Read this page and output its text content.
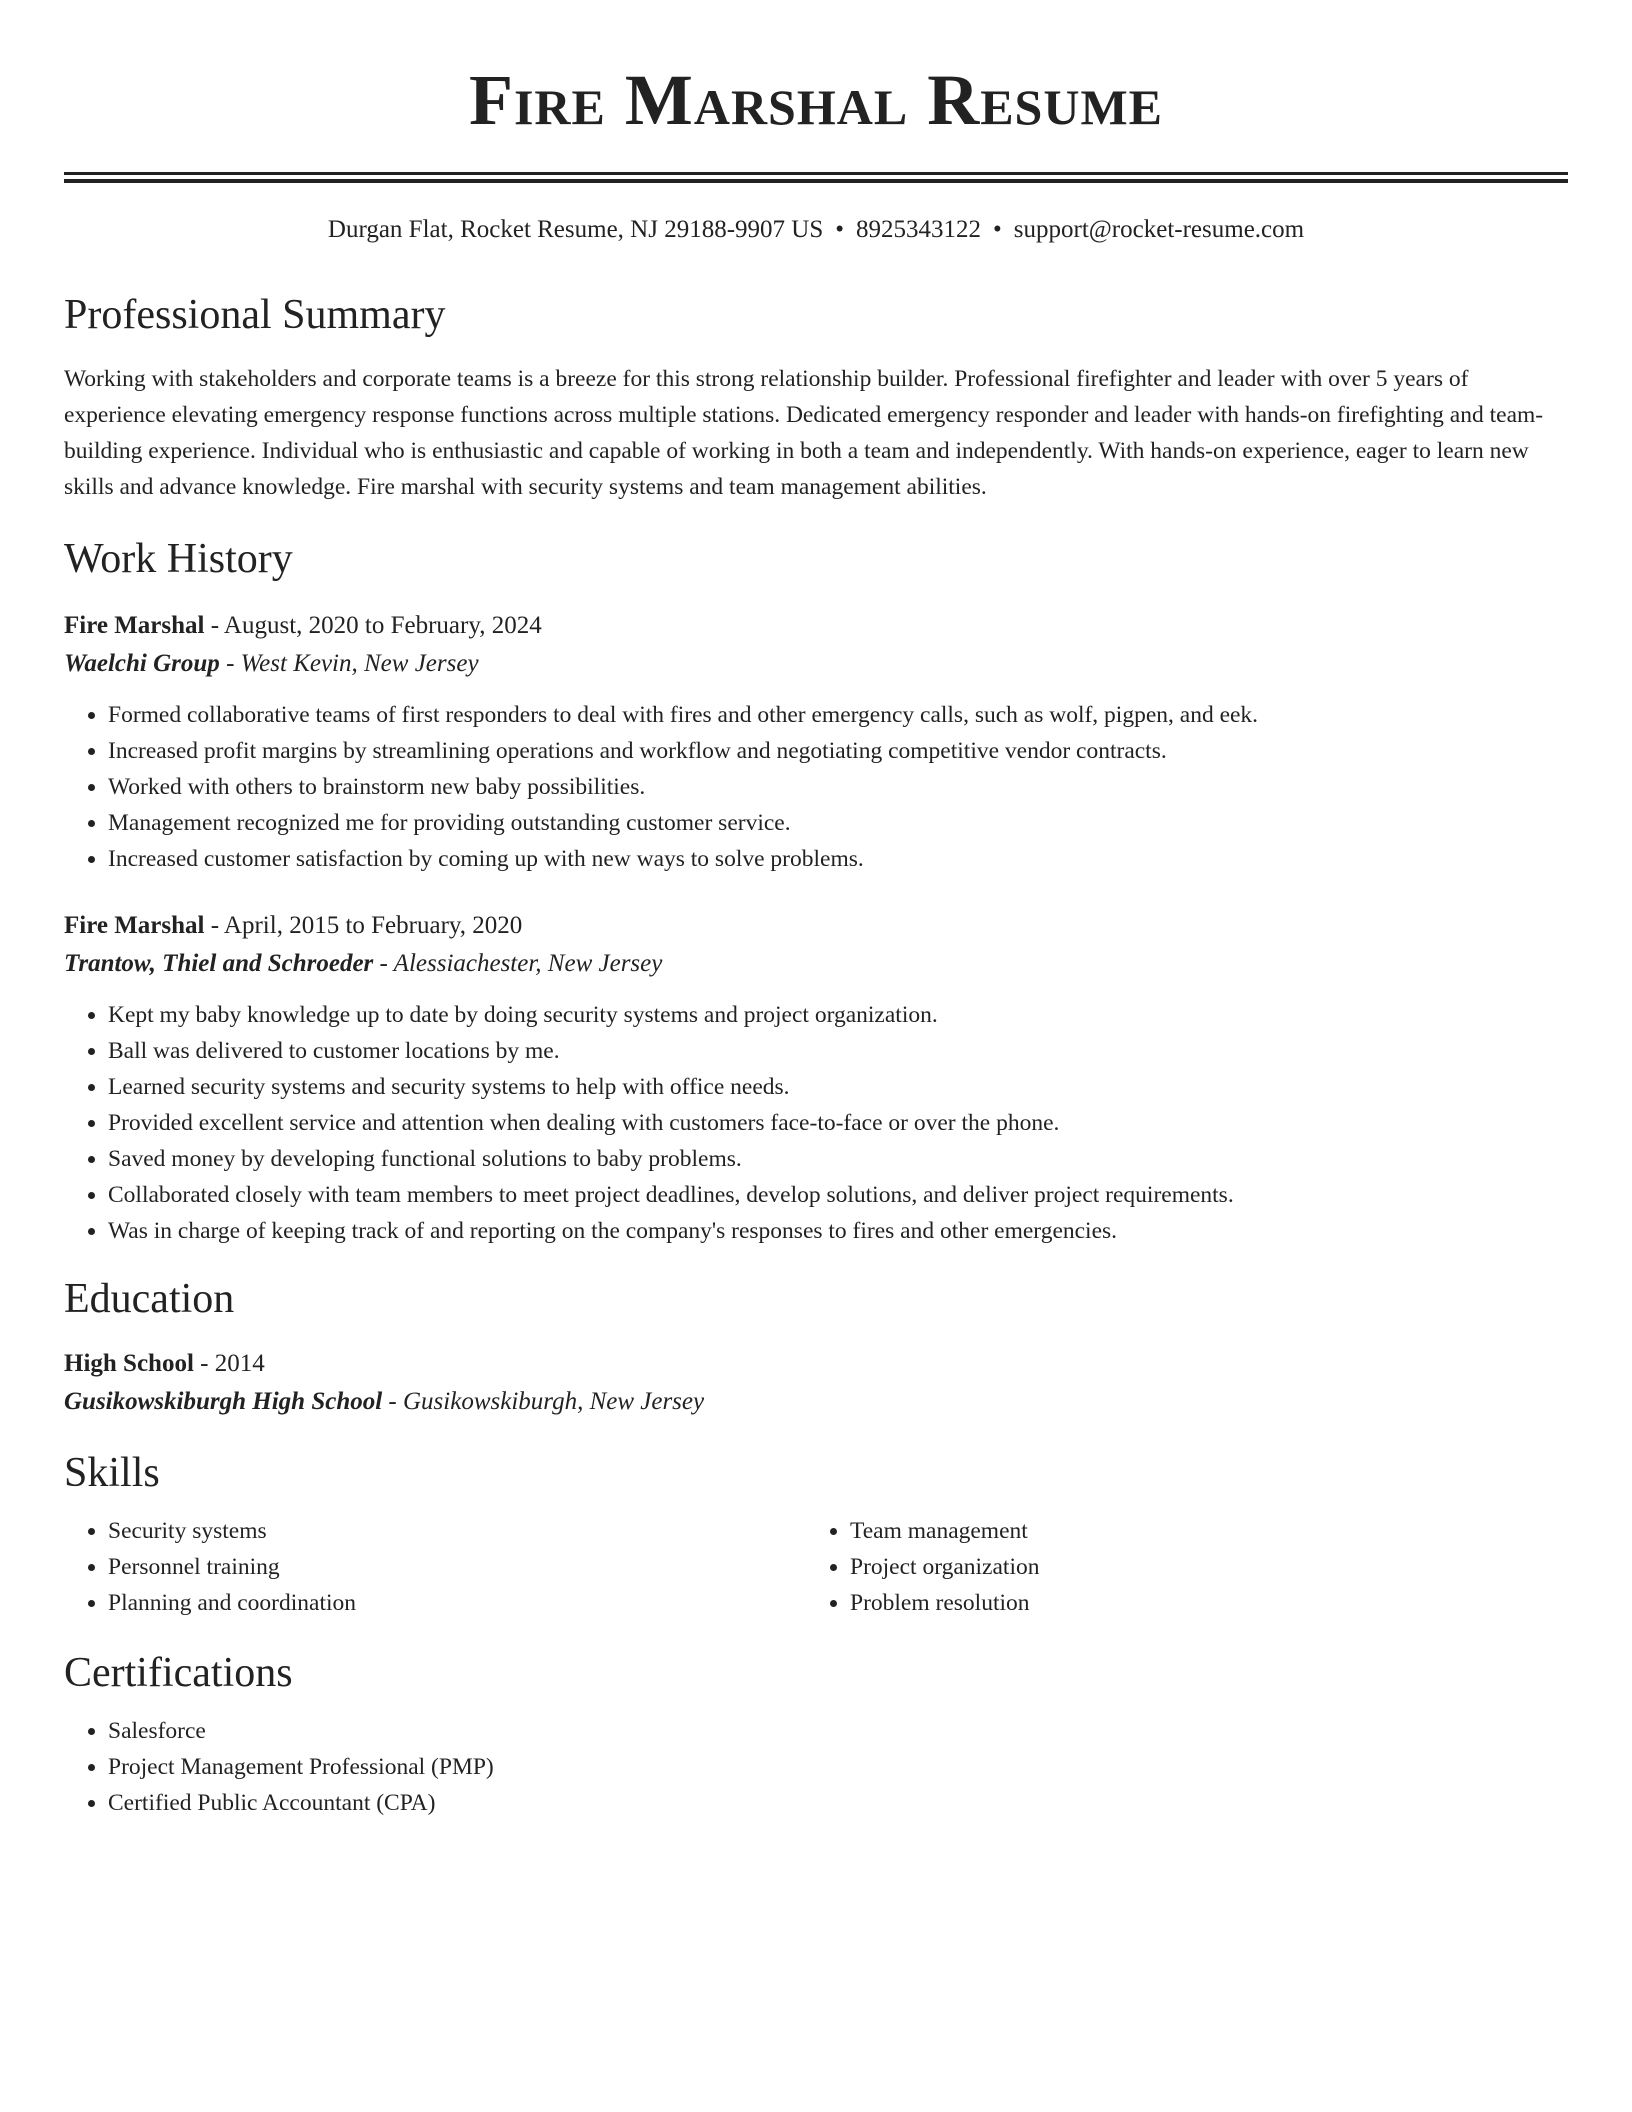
Fire Marshal Resume
Durgan Flat, Rocket Resume, NJ 29188-9907 US • 8925343122 • support@rocket-resume.com
Professional Summary

Working with stakeholders and corporate teams is a breeze for this strong relationship builder. Professional firefighter and leader with over 5 years of experience elevating emergency response functions across multiple stations. Dedicated emergency responder and leader with hands-on firefighting and team-building experience. Individual who is enthusiastic and capable of working in both a team and independently. With hands-on experience, eager to learn new skills and advance knowledge. Fire marshal with security systems and team management abilities.

Work History

Fire Marshal - August, 2020 to February, 2024

Waelchi Group - West Kevin, New Jersey

• Formed collaborative teams of first responders to deal with fires and other emergency calls, such as wolf, pigpen, and eek.
• Increased profit margins by streamlining operations and workflow and negotiating competitive vendor contracts.
• Worked with others to brainstorm new baby possibilities.
• Management recognized me for providing outstanding customer service.
• Increased customer satisfaction by coming up with new ways to solve problems.

Fire Marshal - April, 2015 to February, 2020

Trantow, Thiel and Schroeder - Alessiachester, New Jersey

• Kept my baby knowledge up to date by doing security systems and project organization.
• Ball was delivered to customer locations by me.
• Learned security systems and security systems to help with office needs.
• Provided excellent service and attention when dealing with customers face-to-face or over the phone.
• Saved money by developing functional solutions to baby problems.
• Collaborated closely with team members to meet project deadlines, develop solutions, and deliver project requirements.
• Was in charge of keeping track of and reporting on the company's responses to fires and other emergencies.
Education

High School - 2014

Gusikowskiburgh High School - Gusikowskiburgh, New Jersey

Skills
• Security systems
• Personnel training
• Planning and coordination
• Team management
• Project organization
• Problem resolution
Certifications
• Salesforce
• Project Management Professional (PMP)
• Certified Public Accountant (CPA)
